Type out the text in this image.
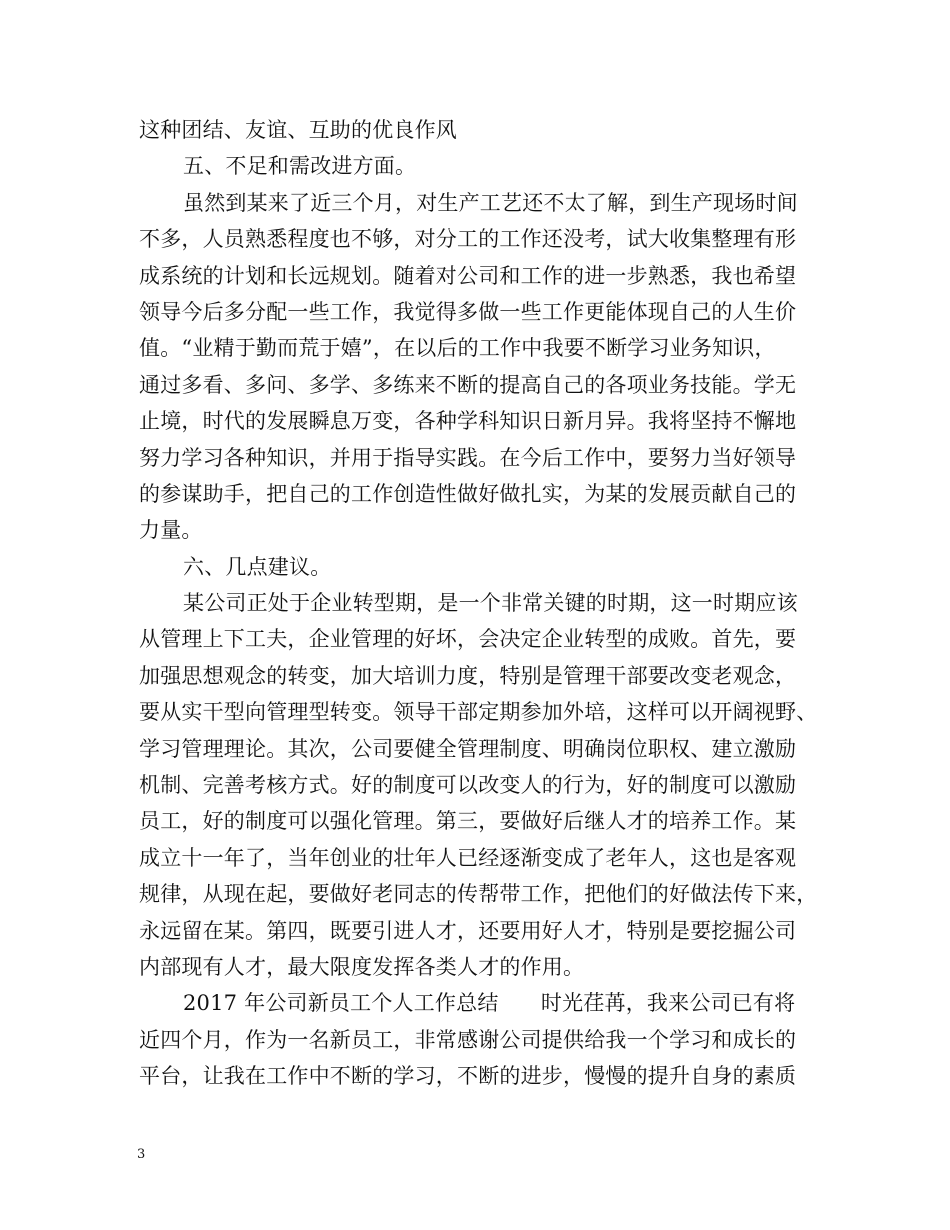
这种团结、友谊、互助的优良作风
五、不足和需改进方面。
虽然到某来了近三个月，对生产工艺还不太了解，到生产现场时间
不多，人员熟悉程度也不够，对分工的工作还没考，试大收集整理有形
成系统的计划和长远规划。随着对公司和工作的进一步熟悉，我也希望
领导今后多分配一些工作，我觉得多做一些工作更能体现自己的人生价
值。“业精于勤而荒于嬉”，在以后的工作中我要不断学习业务知识，
通过多看、多问、多学、多练来不断的提高自己的各项业务技能。学无
止境，时代的发展瞬息万变，各种学科知识日新月异。我将坚持不懈地
努力学习各种知识，并用于指导实践。在今后工作中，要努力当好领导
的参谋助手，把自己的工作创造性做好做扎实，为某的发展贡献自己的
力量。
六、几点建议。
某公司正处于企业转型期，是一个非常关键的时期，这一时期应该
从管理上下工夫，企业管理的好坏，会决定企业转型的成败。首先，要
加强思想观念的转变，加大培训力度，特别是管理干部要改变老观念，
要从实干型向管理型转变。领导干部定期参加外培，这样可以开阔视野、
学习管理理论。其次，公司要健全管理制度、明确岗位职权、建立激励
机制、完善考核方式。好的制度可以改变人的行为，好的制度可以激励
员工，好的制度可以强化管理。第三，要做好后继人才的培养工作。某
成立十一年了，当年创业的壮年人已经逐渐变成了老年人，这也是客观
规律，从现在起，要做好老同志的传帮带工作，把他们的好做法传下来，
永远留在某。第四，既要引进人才，还要用好人才，特别是要挖掘公司
内部现有人才，最大限度发挥各类人才的作用。
2017 年公司新员工个人工作总结　　时光荏苒，我来公司已有将
近四个月，作为一名新员工，非常感谢公司提供给我一个学习和成长的
平台，让我在工作中不断的学习，不断的进步，慢慢的提升自身的素质
3
